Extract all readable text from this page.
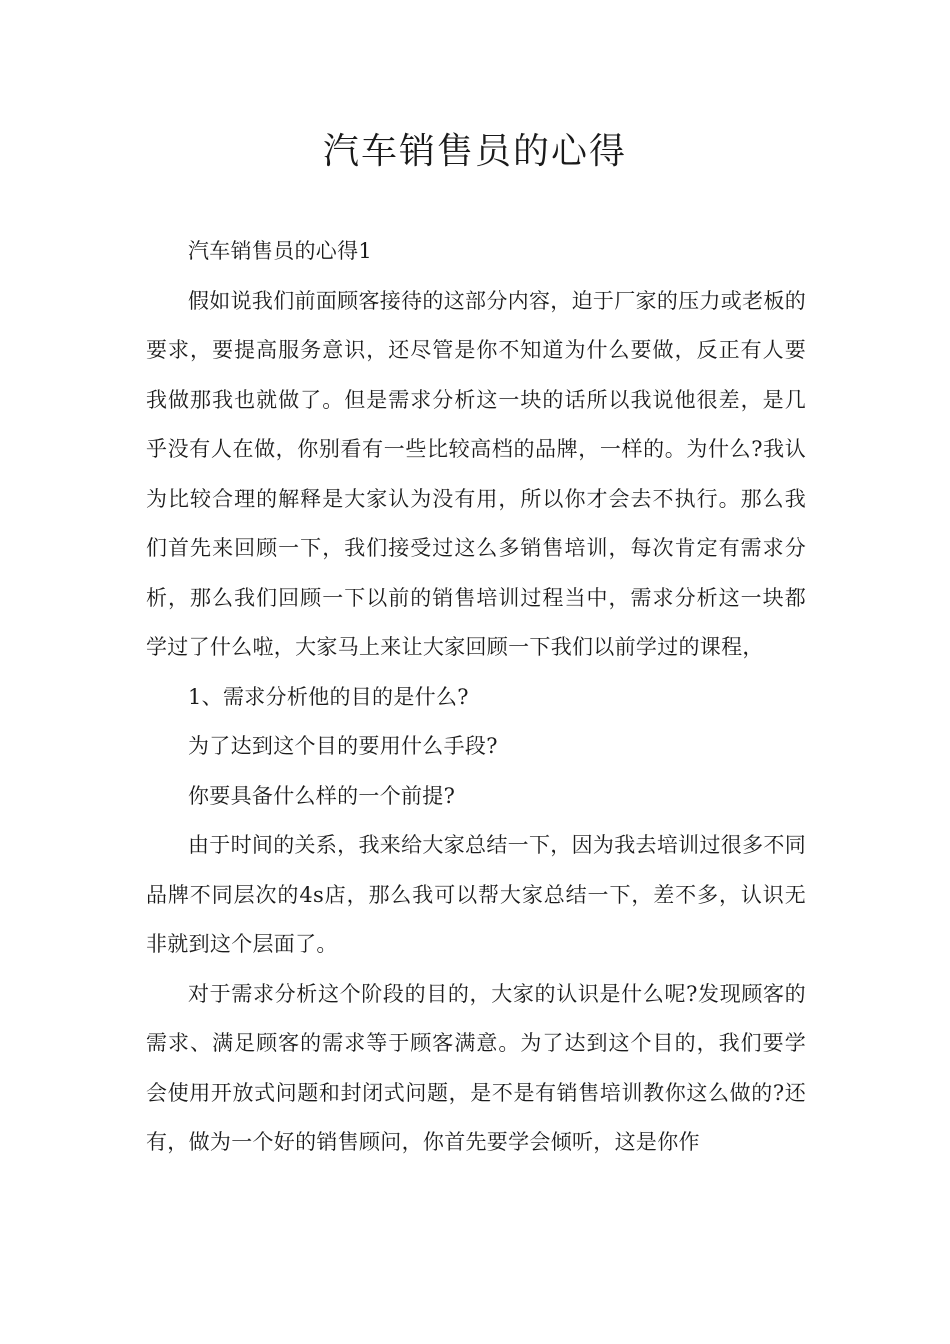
汽车销售员的心得

汽车销售员的心得1

假如说我们前面顾客接待的这部分内容，迫于厂家的压力或老板的要求，要提高服务意识，还尽管是你不知道为什么要做，反正有人要我做那我也就做了。但是需求分析这一块的话所以我说他很差，是几乎没有人在做，你别看有一些比较高档的品牌，一样的。为什么?我认为比较合理的解释是大家认为没有用，所以你才会去不执行。那么我们首先来回顾一下，我们接受过这么多销售培训，每次肯定有需求分析，那么我们回顾一下以前的销售培训过程当中，需求分析这一块都学过了什么啦，大家马上来让大家回顾一下我们以前学过的课程，

1、需求分析他的目的是什么?

为了达到这个目的要用什么手段?

你要具备什么样的一个前提?

由于时间的关系，我来给大家总结一下，因为我去培训过很多不同品牌不同层次的4s店，那么我可以帮大家总结一下，差不多，认识无非就到这个层面了。

对于需求分析这个阶段的目的，大家的认识是什么呢?发现顾客的需求、满足顾客的需求等于顾客满意。为了达到这个目的，我们要学会使用开放式问题和封闭式问题，是不是有销售培训教你这么做的?还有，做为一个好的销售顾问，你首先要学会倾听，这是你作
